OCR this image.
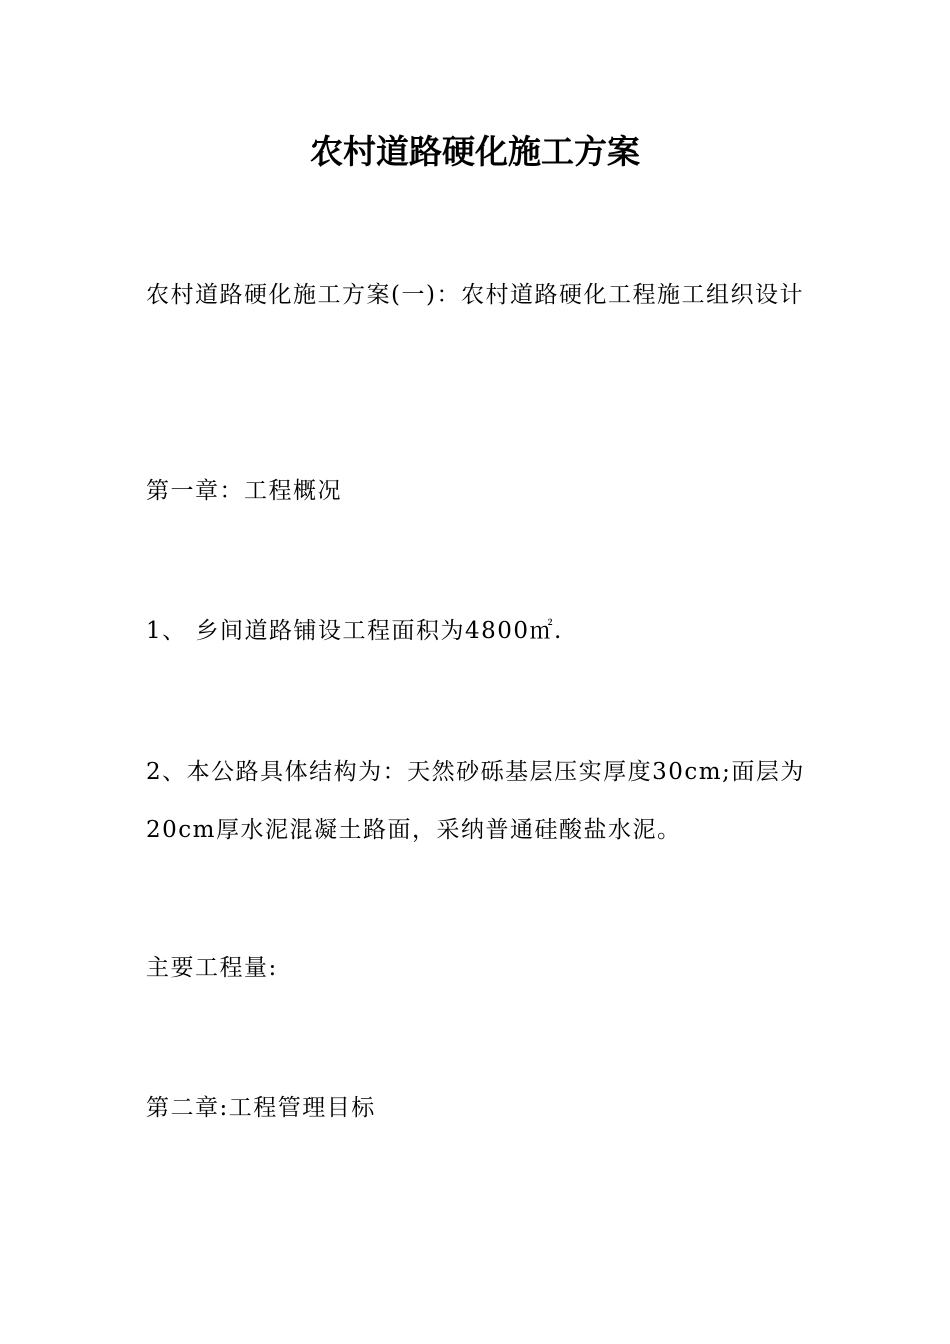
农村道路硬化施工方案
农村道路硬化施工方案(一)：农村道路硬化工程施工组织设计
第一章：工程概况
1、 乡间道路铺设工程面积为4800㎡.
2、本公路具体结构为：天然砂砾基层压实厚度30cm;面层为20cm厚水泥混凝土路面，采纳普通硅酸盐水泥。
主要工程量:
第二章:工程管理目标
